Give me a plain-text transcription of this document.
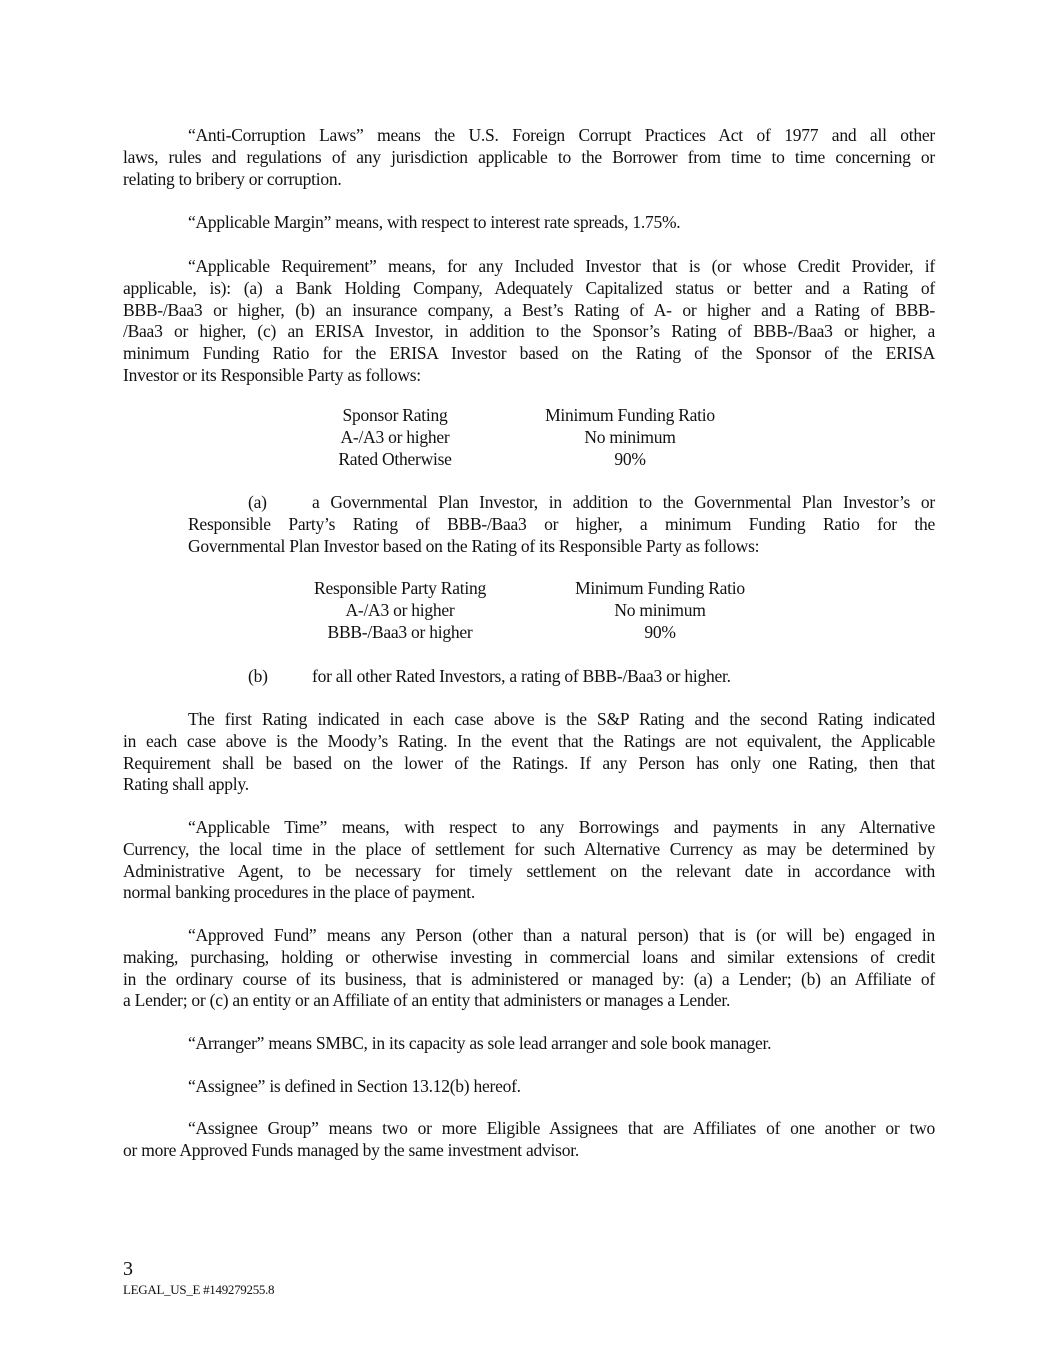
“Anti-Corruption Laws” means the U.S. Foreign Corrupt Practices Act of 1977 and all other
laws, rules and regulations of any jurisdiction applicable to the Borrower from time to time concerning or
relating to bribery or corruption.
“Applicable Margin” means, with respect to interest rate spreads, 1.75%.
“Applicable Requirement” means, for any Included Investor that is (or whose Credit Provider, if
applicable, is): (a) a Bank Holding Company, Adequately Capitalized status or better and a Rating of
BBB-/Baa3 or higher, (b) an insurance company, a Best’s Rating of A- or higher and a Rating of BBB-
/Baa3 or higher, (c) an ERISA Investor, in addition to the Sponsor’s Rating of BBB-/Baa3 or higher, a
minimum Funding Ratio for the ERISA Investor based on the Rating of the Sponsor of the ERISA
Investor or its Responsible Party as follows:
The first Rating indicated in each case above is the S&P Rating and the second Rating indicated
in each case above is the Moody’s Rating. In the event that the Ratings are not equivalent, the Applicable
Requirement shall be based on the lower of the Ratings. If any Person has only one Rating, then that
Rating shall apply.
“Applicable Time” means, with respect to any Borrowings and payments in any Alternative
Currency, the local time in the place of settlement for such Alternative Currency as may be determined by
Administrative Agent, to be necessary for timely settlement on the relevant date in accordance with
normal banking procedures in the place of payment.
“Approved Fund” means any Person (other than a natural person) that is (or will be) engaged in
making, purchasing, holding or otherwise investing in commercial loans and similar extensions of credit
in the ordinary course of its business, that is administered or managed by: (a) a Lender; (b) an Affiliate of
a Lender; or (c) an entity or an Affiliate of an entity that administers or manages a Lender.
“Arranger” means SMBC, in its capacity as sole lead arranger and sole book manager.
“Assignee” is defined in Section 13.12(b) hereof.
“Assignee Group” means two or more Eligible Assignees that are Affiliates of one another or two
or more Approved Funds managed by the same investment advisor.
(a)	a Governmental Plan Investor, in addition to the Governmental Plan Investor’s or
Responsible Party’s Rating of BBB-/Baa3 or higher, a minimum Funding Ratio for the
Governmental Plan Investor based on the Rating of its Responsible Party as follows:
(b)	for all other Rated Investors, a rating of BBB-/Baa3 or higher.
Sponsor Rating	Minimum Funding Ratio
A-/A3 or higher	No minimum
Rated Otherwise	90%
Responsible Party Rating	Minimum Funding Ratio
A-/A3 or higher	No minimum
BBB-/Baa3 or higher	90%
3
LEGAL_US_E #149279255.8
